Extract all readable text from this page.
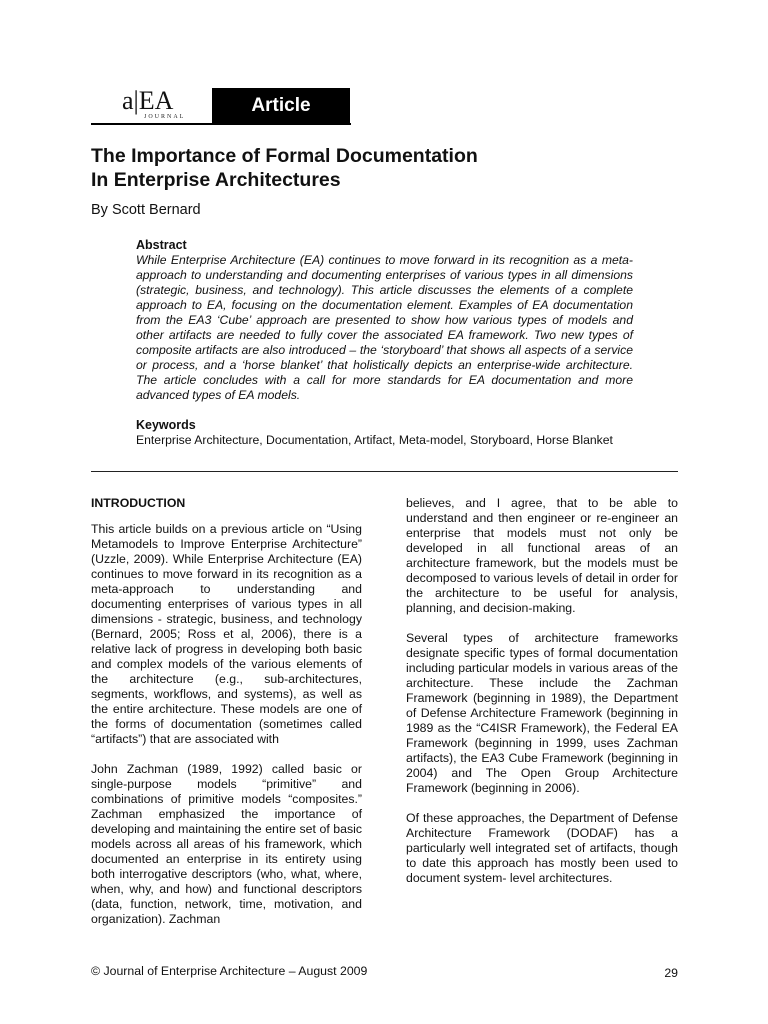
a|EA
JOURNAL
Article
The Importance of Formal Documentation
In Enterprise Architectures
By Scott Bernard

Abstract

While Enterprise Architecture (EA) continues to move forward in its recognition as a meta-approach to understanding and documenting enterprises of various types in all dimensions (strategic, business, and technology). This article discusses the elements of a complete approach to EA, focusing on the documentation element. Examples of EA documentation from the EA3 ‘Cube’ approach are presented to show how various types of models and other artifacts are needed to fully cover the associated EA framework. Two new types of composite artifacts are also introduced – the ‘storyboard’ that shows all aspects of a service or process, and a ‘horse blanket’ that holistically depicts an enterprise-wide architecture. The article concludes with a call for more standards for EA documentation and more advanced types of EA models.

Keywords

Enterprise Architecture, Documentation, Artifact, Meta-model, Storyboard, Horse Blanket

INTRODUCTION

This article builds on a previous article on “Using Metamodels to Improve Enterprise Architecture” (Uzzle, 2009). While Enterprise Architecture (EA) continues to move forward in its recognition as a meta-approach to understanding and documenting enterprises of various types in all dimensions - strategic, business, and technology (Bernard, 2005; Ross et al, 2006), there is a relative lack of progress in developing both basic and complex models of the various elements of the architecture (e.g., sub-architectures, segments, workflows, and systems), as well as the entire architecture. These models are one of the forms of documentation (sometimes called “artifacts”) that are associated with

John Zachman (1989, 1992) called basic or single-purpose models “primitive” and combinations of primitive models “composites.” Zachman emphasized the importance of developing and maintaining the entire set of basic models across all areas of his framework, which documented an enterprise in its entirety using both interrogative descriptors (who, what, where, when, why, and how) and functional descriptors (data, function, network, time, motivation, and organization). Zachman

believes, and I agree, that to be able to understand and then engineer or re-engineer an enterprise that models must not only be developed in all functional areas of an architecture framework, but the models must be decomposed to various levels of detail in order for the architecture to be useful for analysis, planning, and decision-making.

Several types of architecture frameworks designate specific types of formal documentation including particular models in various areas of the architecture. These include the Zachman Framework (beginning in 1989), the Department of Defense Architecture Framework (beginning in 1989 as the “C4ISR Framework), the Federal EA Framework (beginning in 1999, uses Zachman artifacts), the EA3 Cube Framework (beginning in 2004) and The Open Group Architecture Framework (beginning in 2006).

Of these approaches, the Department of Defense Architecture Framework (DODAF) has a particularly well integrated set of artifacts, though to date this approach has mostly been used to document system- level architectures.

© Journal of Enterprise Architecture – August 2009	29
